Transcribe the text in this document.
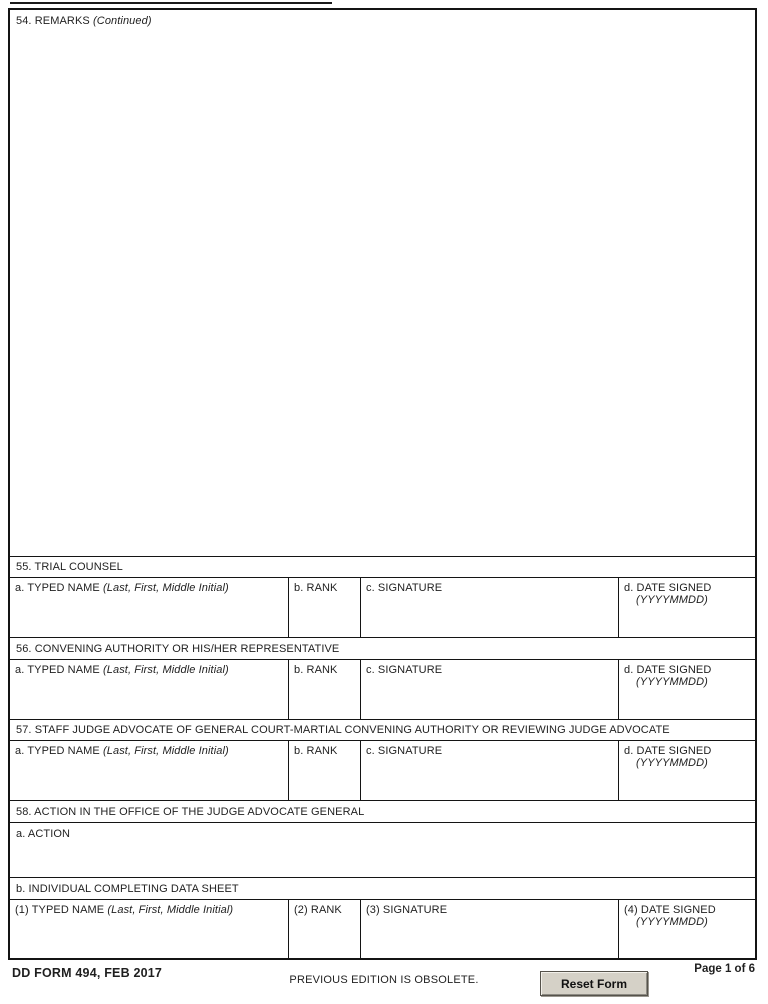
54. REMARKS (Continued)
55. TRIAL COUNSEL
a. TYPED NAME (Last, First, Middle Initial)	b. RANK	c. SIGNATURE	d. DATE SIGNED
(YYYYMMDD)
56. CONVENING AUTHORITY OR HIS/HER REPRESENTATIVE
a. TYPED NAME (Last, First, Middle Initial)	b. RANK	c. SIGNATURE	d. DATE SIGNED
(YYYYMMDD)
57. STAFF JUDGE ADVOCATE OF GENERAL COURT-MARTIAL CONVENING AUTHORITY OR REVIEWING JUDGE ADVOCATE
a. TYPED NAME (Last, First, Middle Initial)	b. RANK	c. SIGNATURE	d. DATE SIGNED
(YYYYMMDD)
58. ACTION IN THE OFFICE OF THE JUDGE ADVOCATE GENERAL
a. ACTION
b. INDIVIDUAL COMPLETING DATA SHEET
(1) TYPED NAME (Last, First, Middle Initial)	(2) RANK	(3) SIGNATURE	(4) DATE SIGNED
(YYYYMMDD)
DD FORM 494, FEB 2017	PREVIOUS EDITION IS OBSOLETE.	Reset Form
Page 1 of 6
